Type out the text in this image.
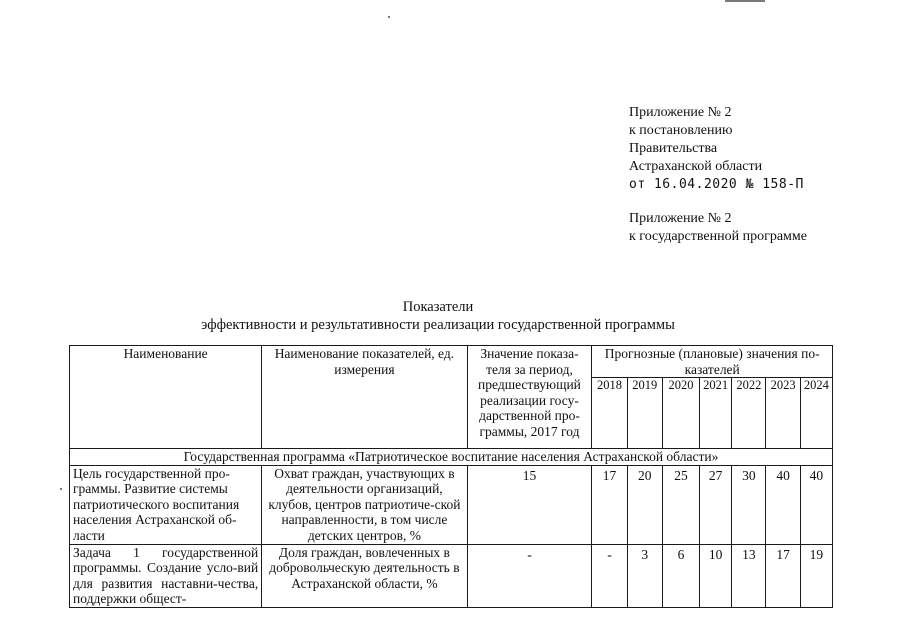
Приложение № 2
к постановлению
Правительства
Астраханской области
от 16.04.2020 № 158-П
Приложение № 2
к государственной программе
Показатели
эффективности и результативности реализации государственной программы
Наименование	Наименование показателей, ед. измерения	Значение показа-теля за период, предшествующий реализации госу-дарственной про-граммы, 2017 год	Прогнозные (плановые) значения по-казателей						
			2018	2019	2020	2021	2022	2023	2024
Государственная программа «Патриотическое воспитание населения Астраханской области»									
Цель государственной про-граммы. Развитие системы патриотического воспитания населения Астраханской об-ласти	Охват граждан, участвующих в деятельности организаций, клубов, центров патриотиче-ской направленности, в том числе детских центров, %	15	17	20	25	27	30	40	40
Задача 1 государственной программы. Создание усло-вий для развития наставни-чества, поддержки общест-	Доля граждан, вовлеченных в добровольческую деятельность в Астраханской области, %	-	-	3	6	10	13	17	19
